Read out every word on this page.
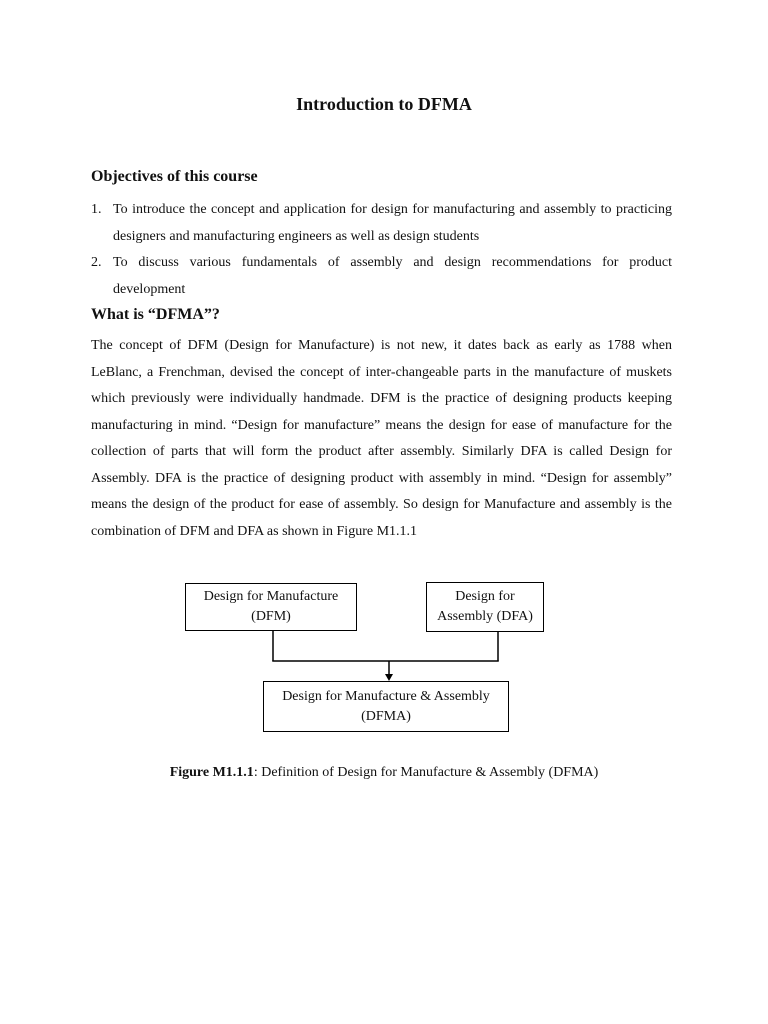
Introduction to DFMA
Objectives of this course
1. To introduce the concept and application for design for manufacturing and assembly to practicing designers and manufacturing engineers as well as design students
2. To discuss various fundamentals of assembly and design recommendations for product development
What is “DFMA”?

The concept of DFM (Design for Manufacture) is not new, it dates back as early as 1788 when LeBlanc, a Frenchman, devised the concept of inter-changeable parts in the manufacture of muskets which previously were individually handmade. DFM is the practice of designing products keeping manufacturing in mind. “Design for manufacture” means the design for ease of manufacture for the collection of parts that will form the product after assembly. Similarly DFA is called Design for Assembly. DFA is the practice of designing product with assembly in mind. “Design for assembly” means the design of the product for ease of assembly. So design for Manufacture and assembly is the combination of DFM and DFA as shown in Figure M1.1.1

Design for Manufacture
(DFM)
Design for
Assembly (DFA)
Design for Manufacture & Assembly
(DFMA)
Figure M1.1.1: Definition of Design for Manufacture & Assembly (DFMA)
